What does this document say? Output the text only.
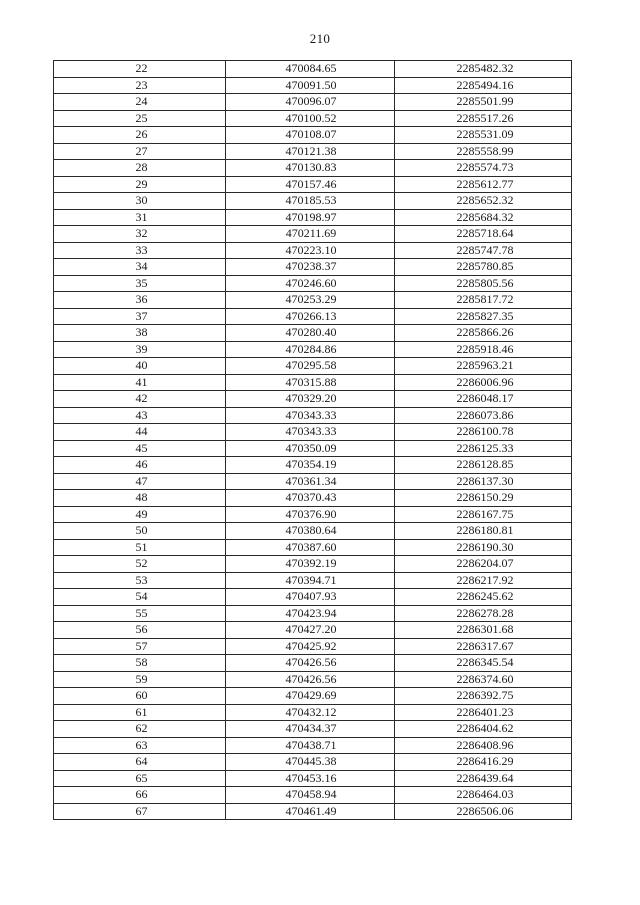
210
22	470084.65	2285482.32
23	470091.50	2285494.16
24	470096.07	2285501.99
25	470100.52	2285517.26
26	470108.07	2285531.09
27	470121.38	2285558.99
28	470130.83	2285574.73
29	470157.46	2285612.77
30	470185.53	2285652.32
31	470198.97	2285684.32
32	470211.69	2285718.64
33	470223.10	2285747.78
34	470238.37	2285780.85
35	470246.60	2285805.56
36	470253.29	2285817.72
37	470266.13	2285827.35
38	470280.40	2285866.26
39	470284.86	2285918.46
40	470295.58	2285963.21
41	470315.88	2286006.96
42	470329.20	2286048.17
43	470343.33	2286073.86
44	470343.33	2286100.78
45	470350.09	2286125.33
46	470354.19	2286128.85
47	470361.34	2286137.30
48	470370.43	2286150.29
49	470376.90	2286167.75
50	470380.64	2286180.81
51	470387.60	2286190.30
52	470392.19	2286204.07
53	470394.71	2286217.92
54	470407.93	2286245.62
55	470423.94	2286278.28
56	470427.20	2286301.68
57	470425.92	2286317.67
58	470426.56	2286345.54
59	470426.56	2286374.60
60	470429.69	2286392.75
61	470432.12	2286401.23
62	470434.37	2286404.62
63	470438.71	2286408.96
64	470445.38	2286416.29
65	470453.16	2286439.64
66	470458.94	2286464.03
67	470461.49	2286506.06
